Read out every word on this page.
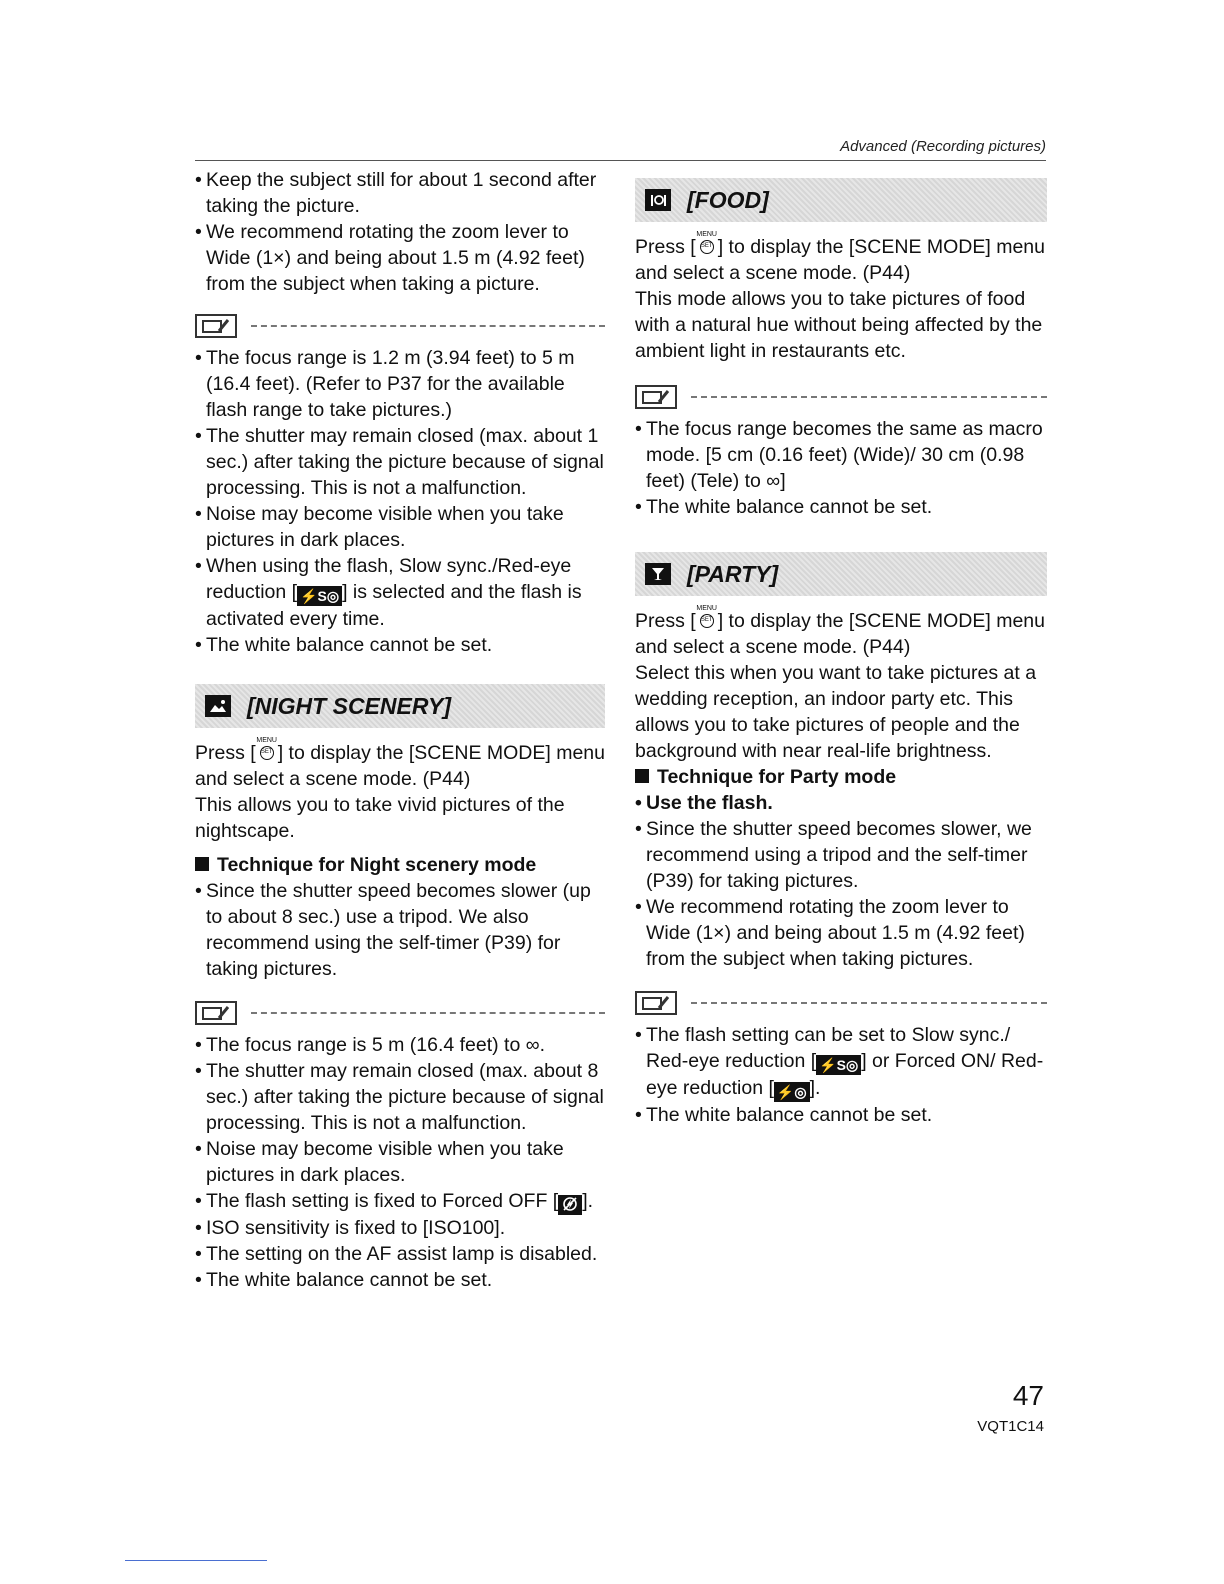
Advanced (Recording pictures)
• Keep the subject still for about 1 second after taking the picture.
• We recommend rotating the zoom lever to Wide (1×) and being about 1.5 m (4.92 feet) from the subject when taking a picture.
• The focus range is 1.2 m (3.94 feet) to 5 m (16.4 feet). (Refer to P37 for the available flash range to take pictures.)
• The shutter may remain closed (max. about 1 sec.) after taking the picture because of signal processing. This is not a malfunction.
• Noise may become visible when you take pictures in dark places.
• When using the flash, Slow sync./Red-eye reduction [ ⚡S◎ ] is selected and the flash is activated every time.
• The white balance cannot be set.
[NIGHT SCENERY]

Press [
MENU
SET ] to display the [SCENE MODE] menu and select a scene mode. (P44)

This allows you to take vivid pictures of the nightscape.

Technique for Night scenery mode
• Since the shutter speed becomes slower (up to about 8 sec.) use a tripod. We also recommend using the self-timer (P39) for taking pictures.
• The focus range is 5 m (16.4 feet) to ∞.
• The shutter may remain closed (max. about 8 sec.) after taking the picture because of signal processing. This is not a malfunction.
• Noise may become visible when you take pictures in dark places.
• The flash setting is fixed to Forced OFF [ ].
• ISO sensitivity is fixed to [ISO100].
• The setting on the AF assist lamp is disabled.
• The white balance cannot be set.
[FOOD]

Press [
MENU
SET ] to display the [SCENE MODE] menu and select a scene mode. (P44)

This mode allows you to take pictures of food with a natural hue without being affected by the ambient light in restaurants etc.

• The focus range becomes the same as macro mode. [5 cm (0.16 feet) (Wide)/ 30 cm (0.98 feet) (Tele) to ∞]
• The white balance cannot be set.
[PARTY]

Press [
MENU
SET ] to display the [SCENE MODE] menu and select a scene mode. (P44)

Select this when you want to take pictures at a wedding reception, an indoor party etc. This allows you to take pictures of people and the background with near real-life brightness.

Technique for Party mode
• Use the flash.
• Since the shutter speed becomes slower, we recommend using a tripod and the self-timer (P39) for taking pictures.
• We recommend rotating the zoom lever to Wide (1×) and being about 1.5 m (4.92 feet) from the subject when taking pictures.
• The flash setting can be set to Slow sync./ Red-eye reduction [ ⚡S◎ ] or Forced ON/ Red-eye reduction [ ⚡◎ ].
• The white balance cannot be set.
47
VQT1C14
